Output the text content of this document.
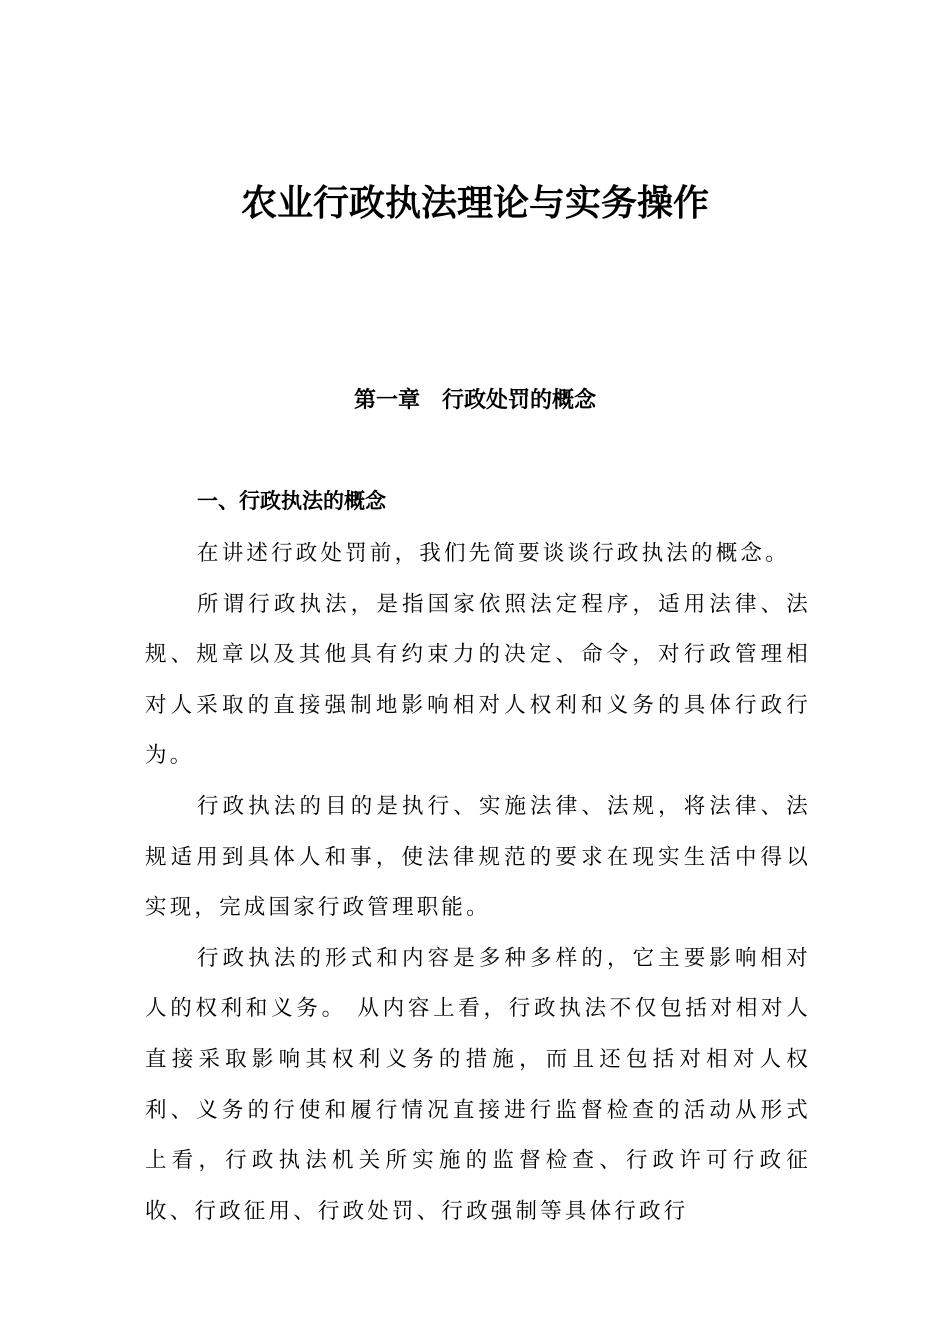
农业行政执法理论与实务操作
第一章　行政处罚的概念
一、行政执法的概念

在讲述行政处罚前，我们先简要谈谈行政执法的概念。

所谓行政执法，是指国家依照法定程序，适用法律、法规、规章以及其他具有约束力的决定、命令，对行政管理相对人采取的直接强制地影响相对人权利和义务的具体行政行为。

行政执法的目的是执行、实施法律、法规，将法律、法规适用到具体人和事，使法律规范的要求在现实生活中得以实现，完成国家行政管理职能。

行政执法的形式和内容是多种多样的，它主要影响相对人的权利和义务。 从内容上看，行政执法不仅包括对相对人直接采取影响其权利义务的措施，而且还包括对相对人权利、义务的行使和履行情况直接进行监督检查的活动从形式上看，行政执法机关所实施的监督检查、行政许可行政征收、行政征用、行政处罚、行政强制等具体行政行
